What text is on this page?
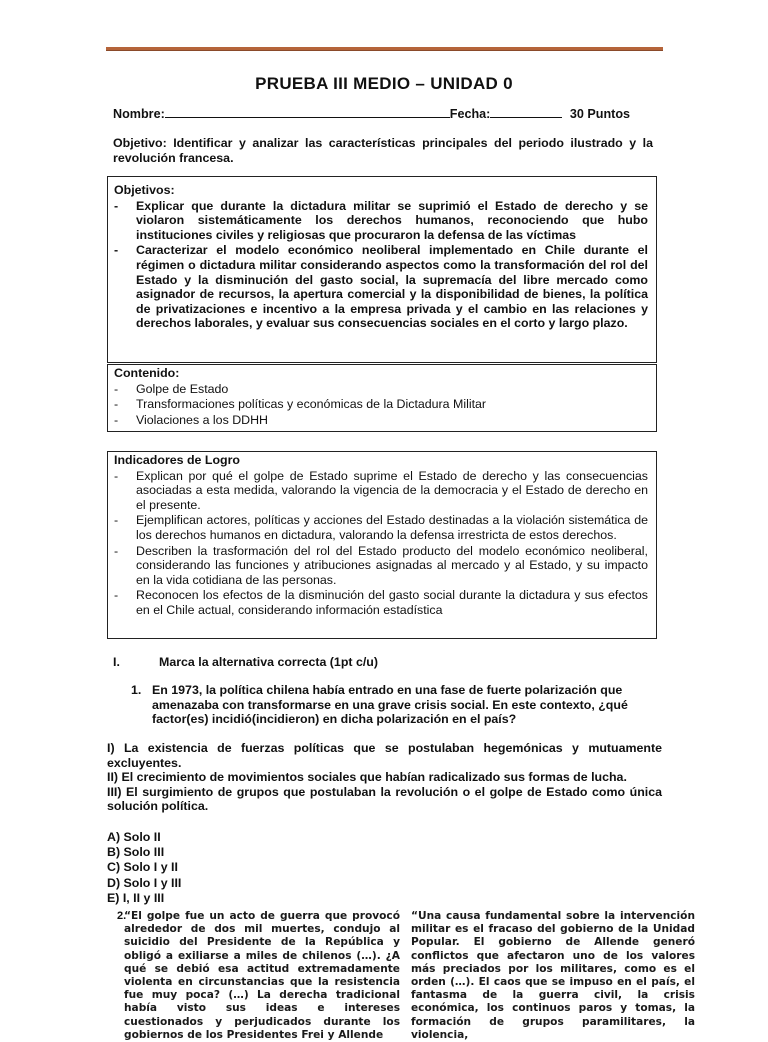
PRUEBA III MEDIO – UNIDAD 0
Nombre:	Fecha:	30 Puntos
Objetivo: Identificar y analizar las características principales del periodo ilustrado y la revolución francesa.
Objetivos:
- Explicar que durante la dictadura militar se suprimió el Estado de derecho y se violaron sistemáticamente los derechos humanos, reconociendo que hubo instituciones civiles y religiosas que procuraron la defensa de las víctimas
- Caracterizar el modelo económico neoliberal implementado en Chile durante el régimen o dictadura militar considerando aspectos como la transformación del rol del Estado y la disminución del gasto social, la supremacía del libre mercado como asignador de recursos, la apertura comercial y la disponibilidad de bienes, la política de privatizaciones e incentivo a la empresa privada y el cambio en las relaciones y derechos laborales, y evaluar sus consecuencias sociales en el corto y largo plazo.
Contenido:
- Golpe de Estado
- Transformaciones políticas y económicas de la Dictadura Militar
- Violaciones a los DDHH
Indicadores de Logro
- Explican por qué el golpe de Estado suprime el Estado de derecho y las consecuencias asociadas a esta medida, valorando la vigencia de la democracia y el Estado de derecho en el presente.
- Ejemplifican actores, políticas y acciones del Estado destinadas a la violación sistemática de los derechos humanos en dictadura, valorando la defensa irrestricta de estos derechos.
- Describen la trasformación del rol del Estado producto del modelo económico neoliberal, considerando las funciones y atribuciones asignadas al mercado y al Estado, y su impacto en la vida cotidiana de las personas.
- Reconocen los efectos de la disminución del gasto social durante la dictadura y sus efectos en el Chile actual, considerando información estadística
I.	Marca la alternativa correcta (1pt c/u)
1. En 1973, la política chilena había entrado en una fase de fuerte polarización que amenazaba con transformarse en una grave crisis social. En este contexto, ¿qué factor(es) incidió(incidieron) en dicha polarización en el país?

I) La existencia de fuerzas políticas que se postulaban hegemónicas y mutuamente excluyentes.

II) El crecimiento de movimientos sociales que habían radicalizado sus formas de lucha.

III) El surgimiento de grupos que postulaban la revolución o el golpe de Estado como única solución política.

A) Solo II
B) Solo III
C) Solo I y II
D) Solo I y III
E) I, II y III
2.
“El golpe fue un acto de guerra que provocó alrededor de dos mil muertes, condujo al suicidio del Presidente de la República y obligó a exiliarse a miles de chilenos (…). ¿A qué se debió esa actitud extremadamente violenta en circunstancias que la resistencia fue muy poca? (…) La derecha tradicional había visto sus ideas e intereses cuestionados y perjudicados durante los gobiernos de los Presidentes Frei y Allende
“Una causa fundamental sobre la intervención militar es el fracaso del gobierno de la Unidad Popular. El gobierno de Allende generó conflictos que afectaron uno de los valores más preciados por los militares, como es el orden (…). El caos que se impuso en el país, el fantasma de la guerra civil, la crisis económica, los continuos paros y tomas, la formación de grupos paramilitares, la violencia,
